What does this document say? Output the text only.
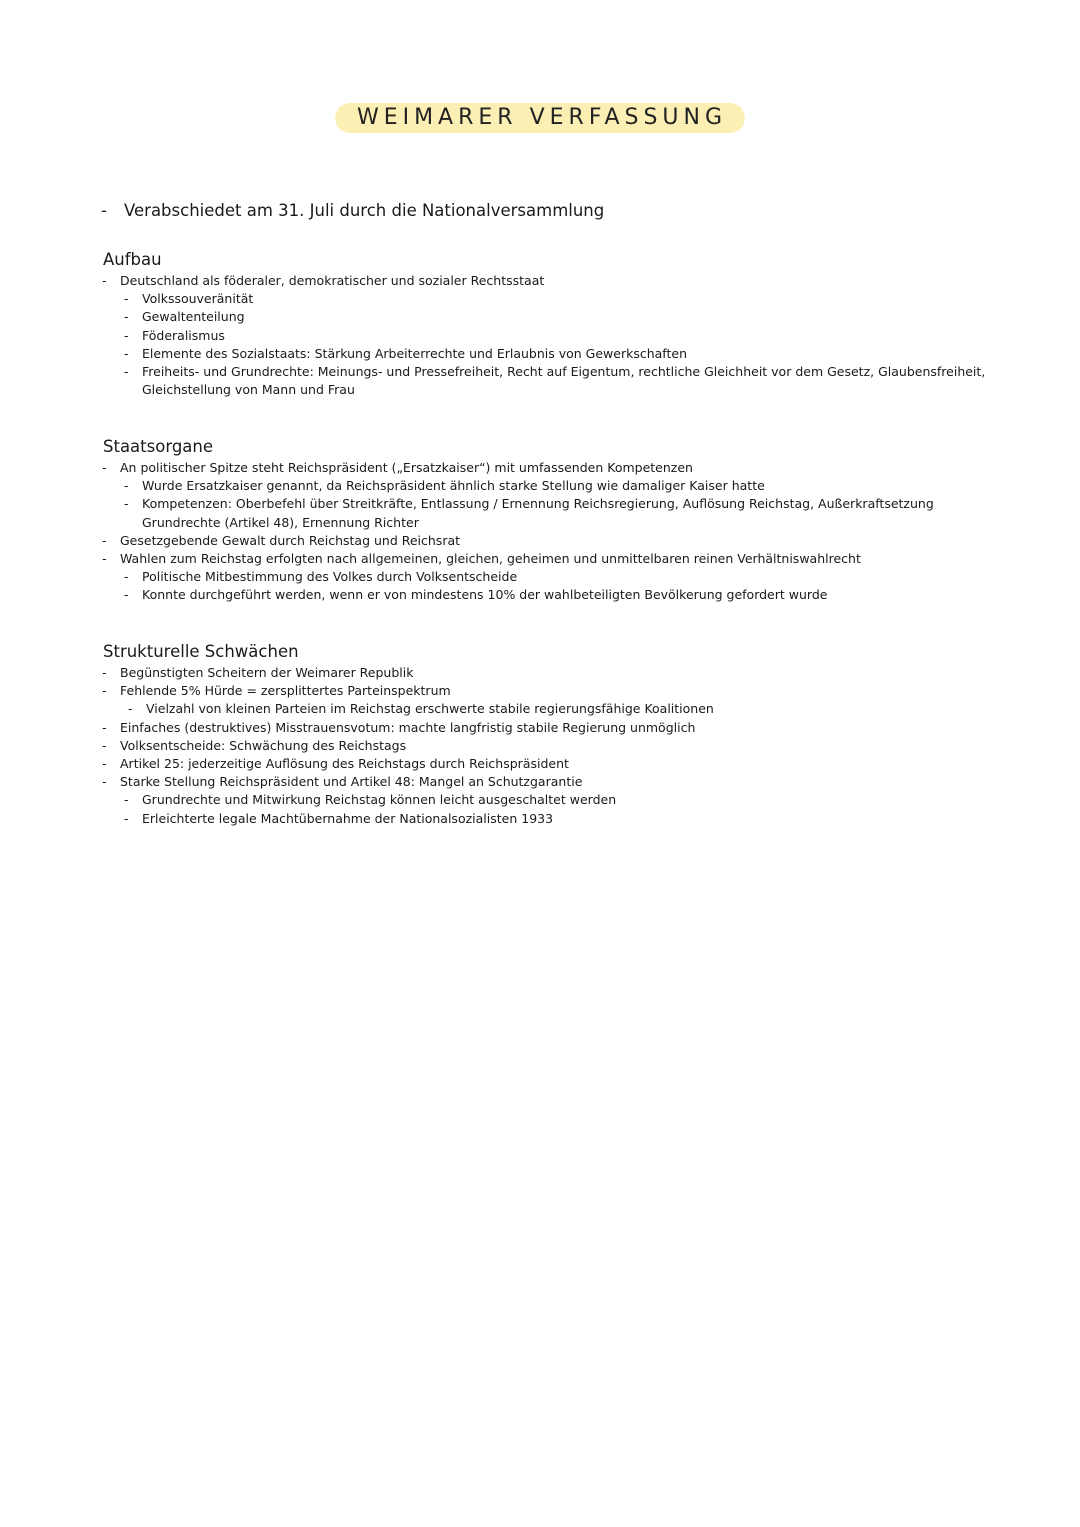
WEIMARER VERFASSUNG
- Verabschiedet am 31. Juli durch die Nationalversammlung
Aufbau
- Deutschland als föderaler, demokratischer und sozialer Rechtsstaat
- Volkssouveränität
- Gewaltenteilung
- Föderalismus
- Elemente des Sozialstaats: Stärkung Arbeiterrechte und Erlaubnis von Gewerkschaften
- Freiheits- und Grundrechte: Meinungs- und Pressefreiheit, Recht auf Eigentum, rechtliche Gleichheit vor dem Gesetz, Glaubensfreiheit, Gleichstellung von Mann und Frau
Staatsorgane
- An politischer Spitze steht Reichspräsident („Ersatzkaiser“) mit umfassenden Kompetenzen
- Wurde Ersatzkaiser genannt, da Reichspräsident ähnlich starke Stellung wie damaliger Kaiser hatte
- Kompetenzen: Oberbefehl über Streitkräfte, Entlassung / Ernennung Reichsregierung, Auflösung Reichstag, Außerkraftsetzung Grundrechte (Artikel 48), Ernennung Richter
- Gesetzgebende Gewalt durch Reichstag und Reichsrat
- Wahlen zum Reichstag erfolgten nach allgemeinen, gleichen, geheimen und unmittelbaren reinen Verhältniswahlrecht
- Politische Mitbestimmung des Volkes durch Volksentscheide
- Konnte durchgeführt werden, wenn er von mindestens 10% der wahlbeteiligten Bevölkerung gefordert wurde
Strukturelle Schwächen
- Begünstigten Scheitern der Weimarer Republik
- Fehlende 5% Hürde = zersplittertes Parteinspektrum
- Vielzahl von kleinen Parteien im Reichstag erschwerte stabile regierungsfähige Koalitionen
- Einfaches (destruktives) Misstrauensvotum: machte langfristig stabile Regierung unmöglich
- Volksentscheide: Schwächung des Reichstags
- Artikel 25: jederzeitige Auflösung des Reichstags durch Reichspräsident
- Starke Stellung Reichspräsident und Artikel 48: Mangel an Schutzgarantie
- Grundrechte und Mitwirkung Reichstag können leicht ausgeschaltet werden
- Erleichterte legale Machtübernahme der Nationalsozialisten 1933
